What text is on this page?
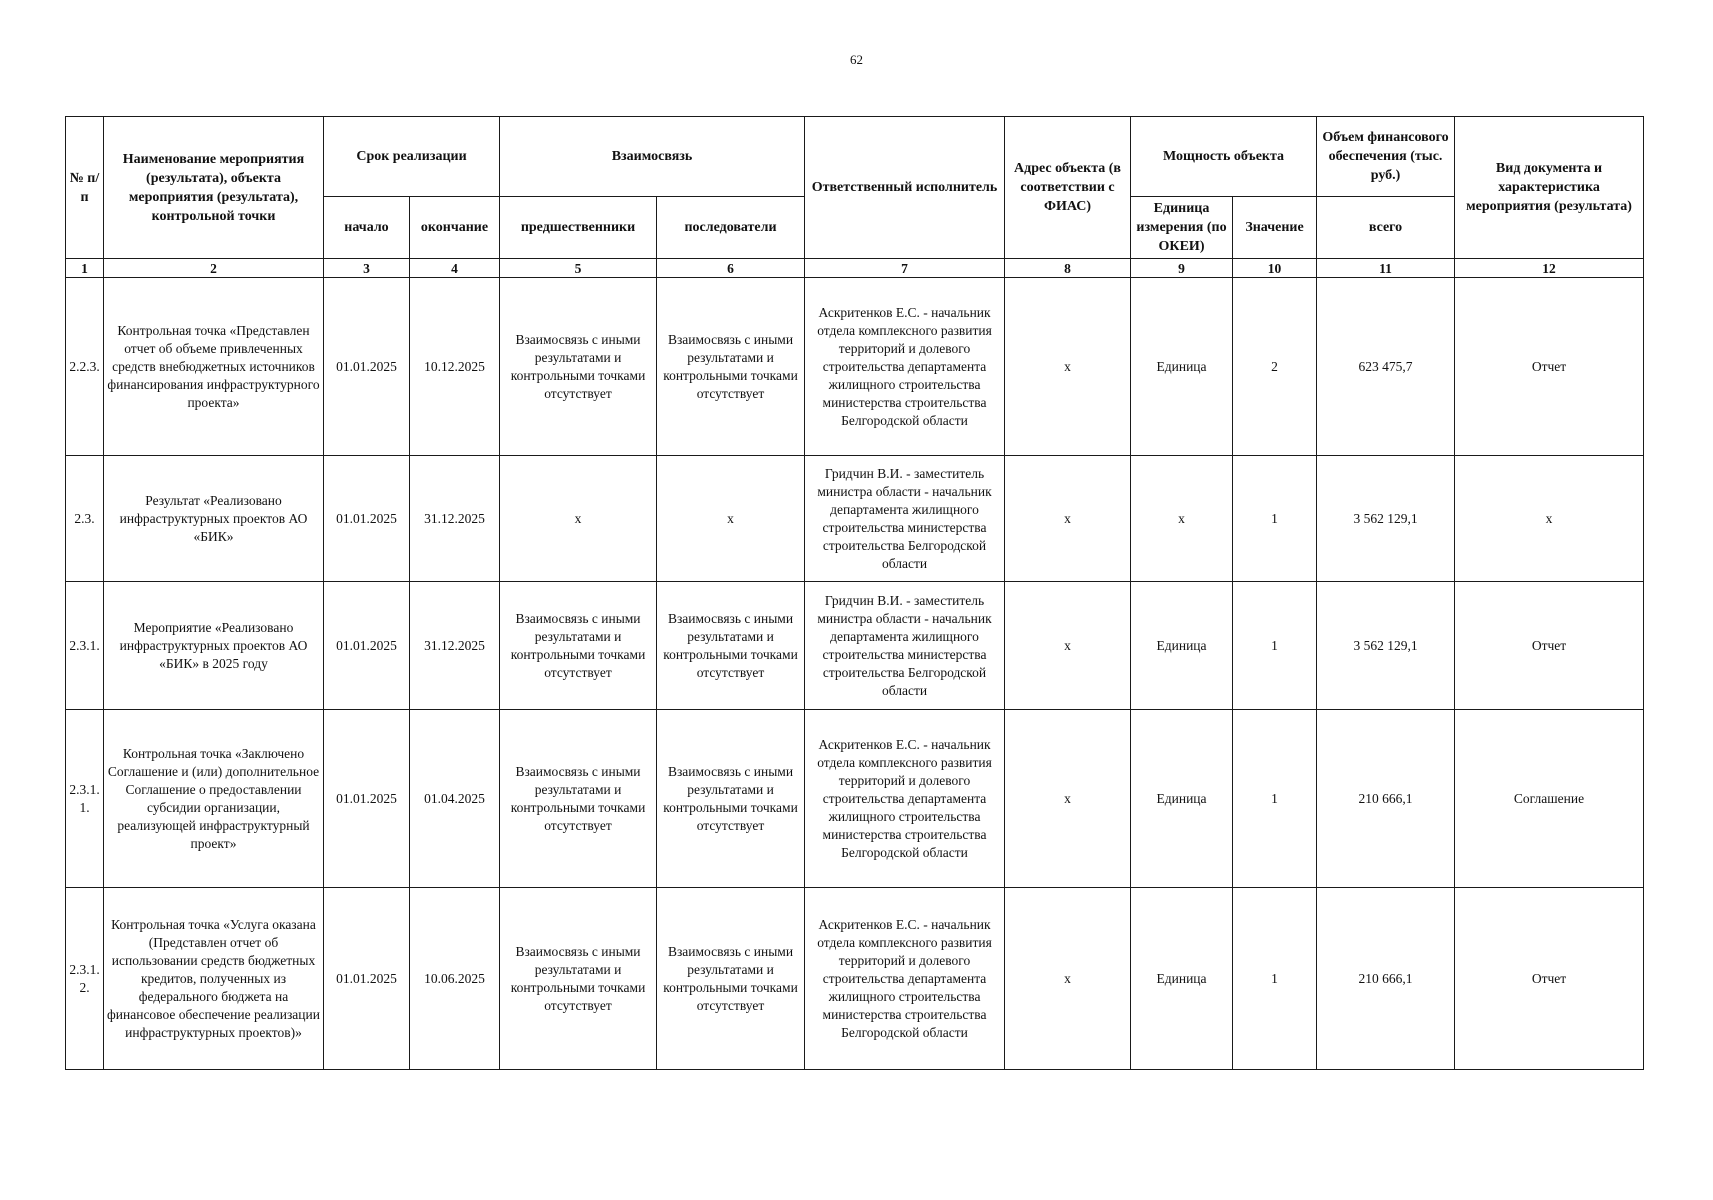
62
№ п/п	Наименование мероприятия (результата), объекта мероприятия (результата), контрольной точки	Срок реализации		Взаимосвязь		Ответственный исполнитель	Адрес объекта (в соответствии с ФИАС)	Мощность объекта		Объем финансового обеспечения (тыс. руб.)	Вид документа и характеристика мероприятия (результата)
		начало	окончание	предшественники	последователи			Единица измерения (по ОКЕИ)	Значение	всего	
1	2	3	4	5	6	7	8	9	10	11	12
2.2.3.	Контрольная точка «Представлен отчет об объеме привлеченных средств внебюджетных источников финансирования инфраструктурного проекта»	01.01.2025	10.12.2025	Взаимосвязь с иными результатами и контрольными точками отсутствует	Взаимосвязь с иными результатами и контрольными точками отсутствует	Аскритенков Е.С. - начальник отдела комплексного развития территорий и долевого строительства департамента жилищного строительства министерства строительства Белгородской области	х	Единица	2	623 475,7	Отчет
2.3.	Результат «Реализовано инфраструктурных проектов АО «БИК»	01.01.2025	31.12.2025	х	х	Гридчин В.И. - заместитель министра области - начальник департамента жилищного строительства министерства строительства Белгородской области	х	х	1	3 562 129,1	х
2.3.1.	Мероприятие «Реализовано инфраструктурных проектов АО «БИК» в 2025 году	01.01.2025	31.12.2025	Взаимосвязь с иными результатами и контрольными точками отсутствует	Взаимосвязь с иными результатами и контрольными точками отсутствует	Гридчин В.И. - заместитель министра области - начальник департамента жилищного строительства министерства строительства Белгородской области	х	Единица	1	3 562 129,1	Отчет
2.3.1.1.	Контрольная точка «Заключено Соглашение и (или) дополнительное Соглашение о предоставлении субсидии организации, реализующей инфраструктурный проект»	01.01.2025	01.04.2025	Взаимосвязь с иными результатами и контрольными точками отсутствует	Взаимосвязь с иными результатами и контрольными точками отсутствует	Аскритенков Е.С. - начальник отдела комплексного развития территорий и долевого строительства департамента жилищного строительства министерства строительства Белгородской области	х	Единица	1	210 666,1	Соглашение
2.3.1.2.	Контрольная точка «Услуга оказана (Представлен отчет об использовании средств бюджетных кредитов, полученных из федерального бюджета на финансовое обеспечение реализации инфраструктурных проектов)»	01.01.2025	10.06.2025	Взаимосвязь с иными результатами и контрольными точками отсутствует	Взаимосвязь с иными результатами и контрольными точками отсутствует	Аскритенков Е.С. - начальник отдела комплексного развития территорий и долевого строительства департамента жилищного строительства министерства строительства Белгородской области	х	Единица	1	210 666,1	Отчет
